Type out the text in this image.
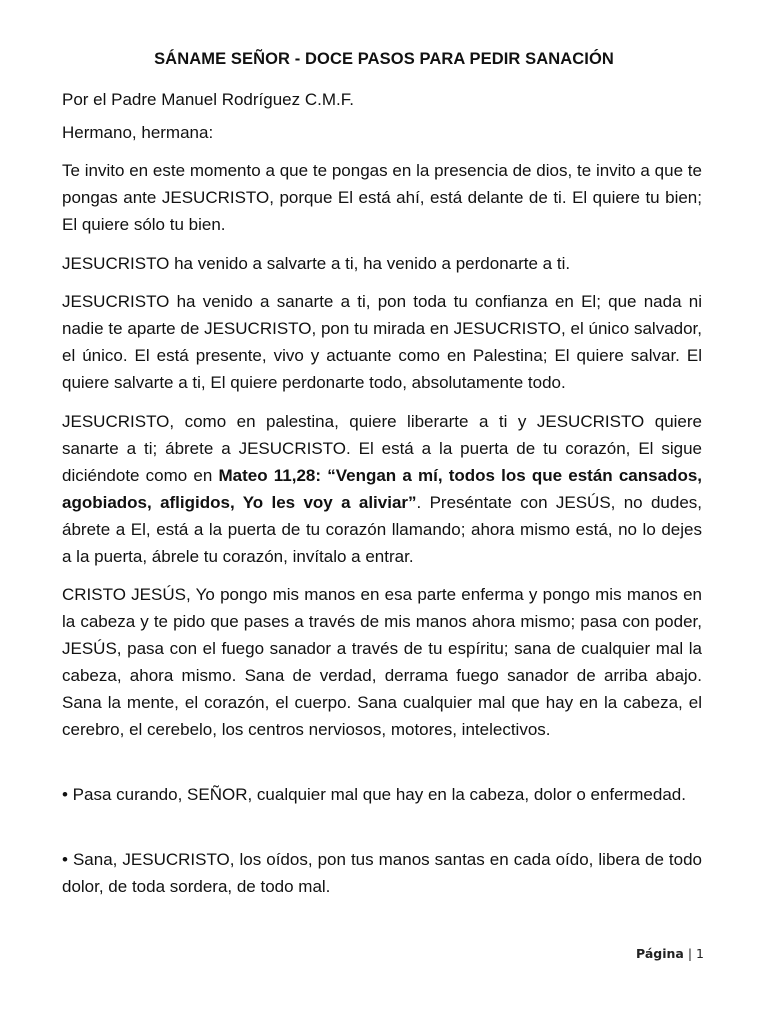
SÁNAME SEÑOR - DOCE PASOS PARA PEDIR SANACIÓN

Por el Padre Manuel Rodríguez C.M.F.

Hermano, hermana:

Te invito en este momento a que te pongas en la presencia de dios, te invito a que te pongas ante JESUCRISTO, porque El está ahí, está delante de ti. El quiere tu bien; El quiere sólo tu bien.

JESUCRISTO ha venido a salvarte a ti, ha venido a perdonarte a ti.

JESUCRISTO ha venido a sanarte a ti, pon toda tu confianza en El; que nada ni nadie te aparte de JESUCRISTO, pon tu mirada en JESUCRISTO, el único salvador, el único. El está presente, vivo y actuante como en Palestina; El quiere salvar. El quiere salvarte a ti, El quiere perdonarte todo, absolutamente todo.

JESUCRISTO, como en palestina, quiere liberarte a ti y JESUCRISTO quiere sanarte a ti; ábrete a JESUCRISTO. El está a la puerta de tu corazón, El sigue diciéndote como en Mateo 11,28: “Vengan a mí, todos los que están cansados, agobiados, afligidos, Yo les voy a aliviar”. Preséntate con JESÚS, no dudes, ábrete a El, está a la puerta de tu corazón llamando; ahora mismo está, no lo dejes a la puerta, ábrele tu corazón, invítalo a entrar.

CRISTO JESÚS, Yo pongo mis manos en esa parte enferma y pongo mis manos en la cabeza y te pido que pases a través de mis manos ahora mismo; pasa con poder, JESÚS, pasa con el fuego sanador a través de tu espíritu; sana de cualquier mal la cabeza, ahora mismo. Sana de verdad, derrama fuego sanador de arriba abajo. Sana la mente, el corazón, el cuerpo. Sana cualquier mal que hay en la cabeza, el cerebro, el cerebelo, los centros nerviosos, motores, intelectivos.

• Pasa curando, SEÑOR, cualquier mal que hay en la cabeza, dolor o enfermedad.

• Sana, JESUCRISTO, los oídos, pon tus manos santas en cada oído, libera de todo dolor, de toda sordera, de todo mal.

Página | 1
